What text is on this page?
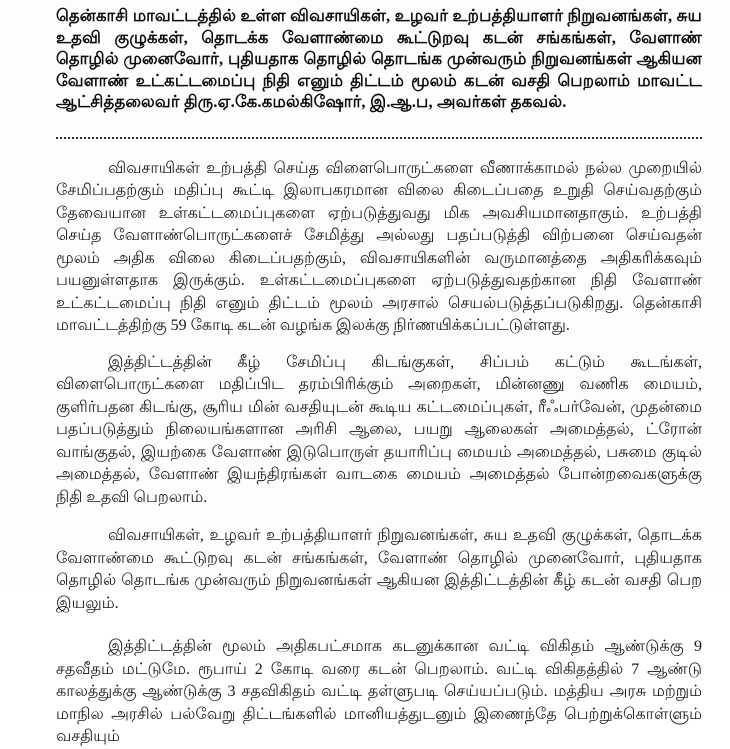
தென்காசி மாவட்டத்தில் உள்ள விவசாயிகள், உழவர் உற்பத்தியாளர் நிறுவனங்கள், சுய உதவி குழுக்கள், தொடக்க வேளாண்மை கூட்டுறவு கடன் சங்கங்கள், வேளாண் தொழில் முனைவோர், புதியதாக தொழில் தொடங்க முன்வரும் நிறுவனங்கள் ஆகியன வேளாண் உட்கட்டமைப்பு நிதி எனும் திட்டம் மூலம் கடன் வசதி பெறலாம் மாவட்ட ஆட்சித்தலைவர் திரு.ஏ.கே.கமல்கிஷோர், இ.ஆ.ப, அவர்கள் தகவல்.

விவசாயிகள் உற்பத்தி செய்த விளைபொருட்களை வீணாக்காமல் நல்ல முறையில் சேமிப்பதற்கும் மதிப்பு கூட்டி இலாபகரமான விலை கிடைப்பதை உறுதி செய்வதற்கும் தேவையான உள்கட்டமைப்புகளை ஏற்படுத்துவது மிக அவசியமானதாகும். உற்பத்தி செய்த வேளாண்பொருட்களைச் சேமித்து அல்லது பதப்படுத்தி விற்பனை செய்வதன் மூலம் அதிக விலை கிடைப்பதற்கும், விவசாயிகளின் வருமானத்தை அதிகரிக்கவும் பயனுள்ளதாக இருக்கும். உள்கட்டமைப்புகளை ஏற்படுத்துவதற்கான நிதி வேளாண் உட்கட்டமைப்பு நிதி எனும் திட்டம் மூலம் அரசால் செயல்படுத்தப்படுகிறது. தென்காசி மாவட்டத்திற்கு 59 கோடி கடன் வழங்க இலக்கு நிர்ணயிக்கப்பட்டுள்ளது.

இத்திட்டத்தின் கீழ் சேமிப்பு கிடங்குகள், சிப்பம் கட்டும் கூடங்கள், விளைபொருட்களை மதிப்பிட தரம்பிரிக்கும் அறைகள், மின்னணு வணிக மையம், குளிர்பதன கிடங்கு, சூரிய மின் வசதியுடன் கூடிய கட்டமைப்புகள், ரீஃபர்வேன், முதன்மை பதப்படுத்தும் நிலையங்களான அரிசி ஆலை, பயறு ஆலைகள் அமைத்தல், ட்ரோன் வாங்குதல், இயற்கை வேளாண் இடுபொருள் தயாரிப்பு மையம் அமைத்தல், பசுமை குடில் அமைத்தல், வேளாண் இயந்திரங்கள் வாடகை மையம் அமைத்தல் போன்றவைகளுக்கு நிதி உதவி பெறலாம்.

விவசாயிகள், உழவர் உற்பத்தியாளர் நிறுவனங்கள், சுய உதவி குழுக்கள், தொடக்க வேளாண்மை கூட்டுறவு கடன் சங்கங்கள், வேளாண் தொழில் முனைவோர், புதியதாக தொழில் தொடங்க முன்வரும் நிறுவனங்கள் ஆகியன இத்திட்டத்தின் கீழ் கடன் வசதி பெற இயலும்.

இத்திட்டத்தின் மூலம் அதிகபட்சமாக கடனுக்கான வட்டி விகிதம் ஆண்டுக்கு 9 சதவீதம் மட்டுமே. ரூபாய் 2 கோடி வரை கடன் பெறலாம். வட்டி விகிதத்தில் 7 ஆண்டு காலத்துக்கு ஆண்டுக்கு 3 சதவிகிதம் வட்டி தள்ளுபடி செய்யப்படும். மத்திய அரசு மற்றும் மாநில அரசில் பல்வேறு திட்டங்களில் மானியத்துடனும் இணைந்தே பெற்றுக்கொள்ளும் வசதியும்
